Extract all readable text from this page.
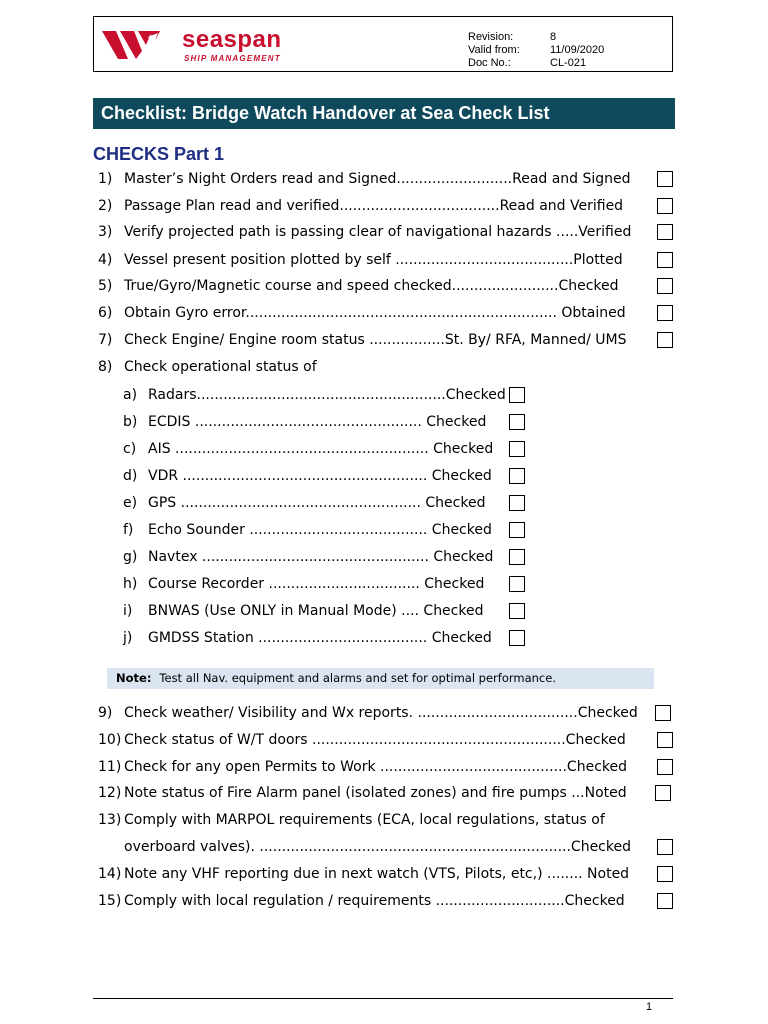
seaspan
SHIP MANAGEMENT
Revision:	8
Valid from:	11/09/2020
Doc No.:	CL-021
Checklist: Bridge Watch Handover at Sea Check List
CHECKS Part 1
1) Master’s Night Orders read and Signed..........................Read and Signed
2) Passage Plan read and verified....................................Read and Verified
3) Verify projected path is passing clear of navigational hazards .....Verified
4) Vessel present position plotted by self ........................................Plotted
5) True/Gyro/Magnetic course and speed checked........................Checked
6) Obtain Gyro error...................................................................... Obtained
7) Check Engine/ Engine room status .................St. By/ RFA, Manned/ UMS
8) Check operational status of
a) Radars........................................................Checked
b) ECDIS ................................................... Checked
c) AIS ......................................................... Checked
d) VDR ....................................................... Checked
e) GPS ...................................................... Checked
f) Echo Sounder ........................................ Checked
g) Navtex ................................................... Checked
h) Course Recorder .................................. Checked
i) BNWAS (Use ONLY in Manual Mode) .... Checked
j) GMDSS Station ...................................... Checked
9) Check weather/ Visibility and Wx reports. ....................................Checked
10) Check status of W/T doors .........................................................Checked
11) Check for any open Permits to Work ..........................................Checked
12) Note status of Fire Alarm panel (isolated zones) and fire pumps ...Noted
13) Comply with MARPOL requirements (ECA, local regulations, status of
overboard valves). ......................................................................Checked
14) Note any VHF reporting due in next watch (VTS, Pilots, etc,) ........ Noted
15) Comply with local regulation / requirements .............................Checked
Note: Test all Nav. equipment and alarms and set for optimal performance.
1
